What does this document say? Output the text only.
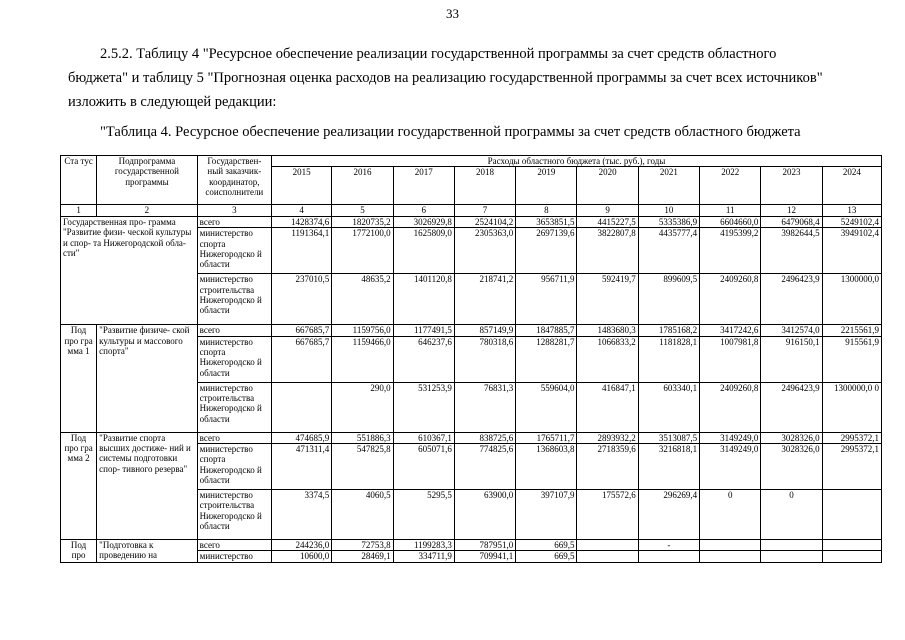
33

2.5.2. Таблицу 4 "Ресурсное обеспечение реализации государственной программы за счет средств областного

бюджета" и таблицу 5 "Прогнозная оценка расходов на реализацию государственной программы за счет всех источников"

изложить в следующей редакции:

"Таблица 4. Ресурсное обеспечение реализации государственной программы за счет средств областного бюджета
Ста тус	Подпрограмма государственной программы	Государствен- ный заказчик- координатор, соисполнители	Расходы областного бюджета (тыс. руб.), годы									
			2015	2016	2017	2018	2019	2020	2021	2022	2023	2024
1	2	3	4	5	6	7	8	9	10	11	12	13
Государственная про- грамма "Развитие физи- ческой культуры и спор- та Нижегородской обла- сти"		всего	1428374,6	1820735,2	3026929,8	2524104,2	3653851,5	4415227,5	5335386,9	6604660,0	6479068,4	5249102,4
		министерство спорта Нижегородско й области	1191364,1	1772100,0	1625809,0	2305363,0	2697139,6	3822807,8	4435777,4	4195399,2	3982644,5	3949102,4
		министерство строительства Нижегородско й области	237010,5	48635,2	1401120,8	218741,2	956711,9	592419,7	899609,5	2409260,8	2496423,9	1300000,0
Под про гра мма 1	"Развитие физиче- ской культуры и массового спорта"	всего	667685,7	1159756,0	1177491,5	857149,9	1847885,7	1483680,3	1785168,2	3417242,6	3412574,0	2215561,9
		министерство спорта Нижегородско й области	667685,7	1159466,0	646237,6	780318,6	1288281,7	1066833,2	1181828,1	1007981,8	916150,1	915561,9
		министерство строительства Нижегородско й области		290,0	531253,9	76831,3	559604,0	416847,1	603340,1	2409260,8	2496423,9	1300000,0 0
Под про гра мма 2	"Развитие спорта высших достиже- ний и системы подготовки спор- тивного резерва"	всего	474685,9	551886,3	610367,1	838725,6	1765711,7	2893932,2	3513087,5	3149249,0	3028326,0	2995372,1
		министерство спорта Нижегородско й области	471311,4	547825,8	605071,6	774825,6	1368603,8	2718359,6	3216818,1	3149249,0	3028326,0	2995372,1
		министерство строительства Нижегородско й области	3374,5	4060,5	5295,5	63900,0	397107,9	175572,6	296269,4	0	0	
Под про	"Подготовка к проведению на	всего	244236,0	72753,8	1199283,3	787951,0	669,5		-			
		министерство	10600,0	28469,1	334711,9	709941,1	669,5					
